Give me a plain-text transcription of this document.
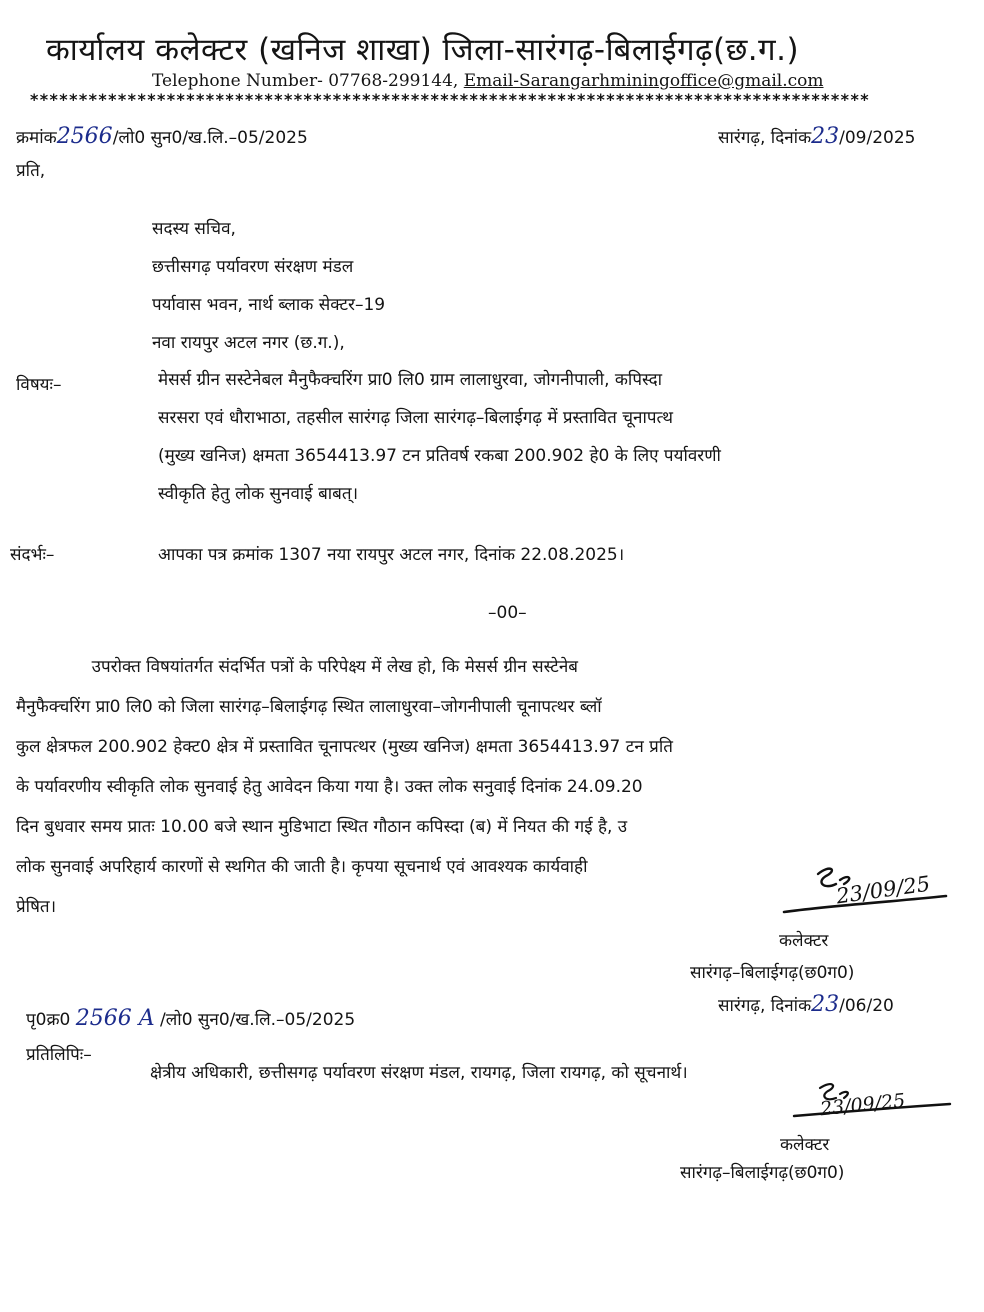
कार्यालय कलेक्टर (खनिज शाखा) जिला-सारंगढ़-बिलाईगढ़(छ.ग.)
Telephone Number- 07768-299144, Email-Sarangarhminingoffice@gmail.com
**************************************************************************************
क्रमांक2566/लो0 सुन0/ख.लि.–05/2025	सारंगढ़, दिनांक23/09/2025
प्रति,
सदस्य सचिव,
छत्तीसगढ़ पर्यावरण संरक्षण मंडल
पर्यावास भवन, नार्थ ब्लाक सेक्टर–19
नवा रायपुर अटल नगर (छ.ग.),
विषयः–	मेसर्स ग्रीन सस्टेनेबल मैनुफैक्चरिंग प्रा0 लि0 ग्राम लालाधुरवा, जोगनीपाली, कपिस्दा
सरसरा एवं धौराभाठा, तहसील सारंगढ़ जिला सारंगढ़–बिलाईगढ़ में प्रस्तावित चूनापत्थ
(मुख्य खनिज) क्षमता 3654413.97 टन प्रतिवर्ष रकबा 200.902 हे0 के लिए पर्यावरणी
स्वीकृति हेतु लोक सुनवाई बाबत्।
संदर्भः–	आपका पत्र क्रमांक 1307 नया रायपुर अटल नगर, दिनांक 22.08.2025।
–00–
उपरोक्त विषयांतर्गत संदर्भित पत्रों के परिपेक्ष्य में लेख हो, कि मेसर्स ग्रीन सस्टेनेब
मैनुफैक्चरिंग प्रा0 लि0 को जिला सारंगढ़–बिलाईगढ़ स्थित लालाधुरवा–जोगनीपाली चूनापत्थर ब्लॉ
कुल क्षेत्रफल 200.902 हेक्ट0 क्षेत्र में प्रस्तावित चूनापत्थर (मुख्य खनिज) क्षमता 3654413.97 टन प्रति
के पर्यावरणीय स्वीकृति लोक सुनवाई हेतु आवेदन किया गया है। उक्त लोक सनुवाई दिनांक 24.09.20
दिन बुधवार समय प्रातः 10.00 बजे स्थान मुडिभाटा स्थित गौठान कपिस्दा (ब) में नियत की गई है, उ
लोक सुनवाई अपरिहार्य कारणों से स्थगित की जाती है। कृपया सूचनार्थ एवं आवश्यक कार्यवाही
प्रेषित।	23/09/25
कलेक्टर
सारंगढ़–बिलाईगढ़(छ0ग0)
सारंगढ़, दिनांक23/06/20
पृ0क्र0 2566 A /लो0 सुन0/ख.लि.–05/2025
प्रतिलिपिः–
क्षेत्रीय अधिकारी, छत्तीसगढ़ पर्यावरण संरक्षण मंडल, रायगढ़, जिला रायगढ़, को सूचनार्थ।
23/09/25
कलेक्टर
सारंगढ़–बिलाईगढ़(छ0ग0)
